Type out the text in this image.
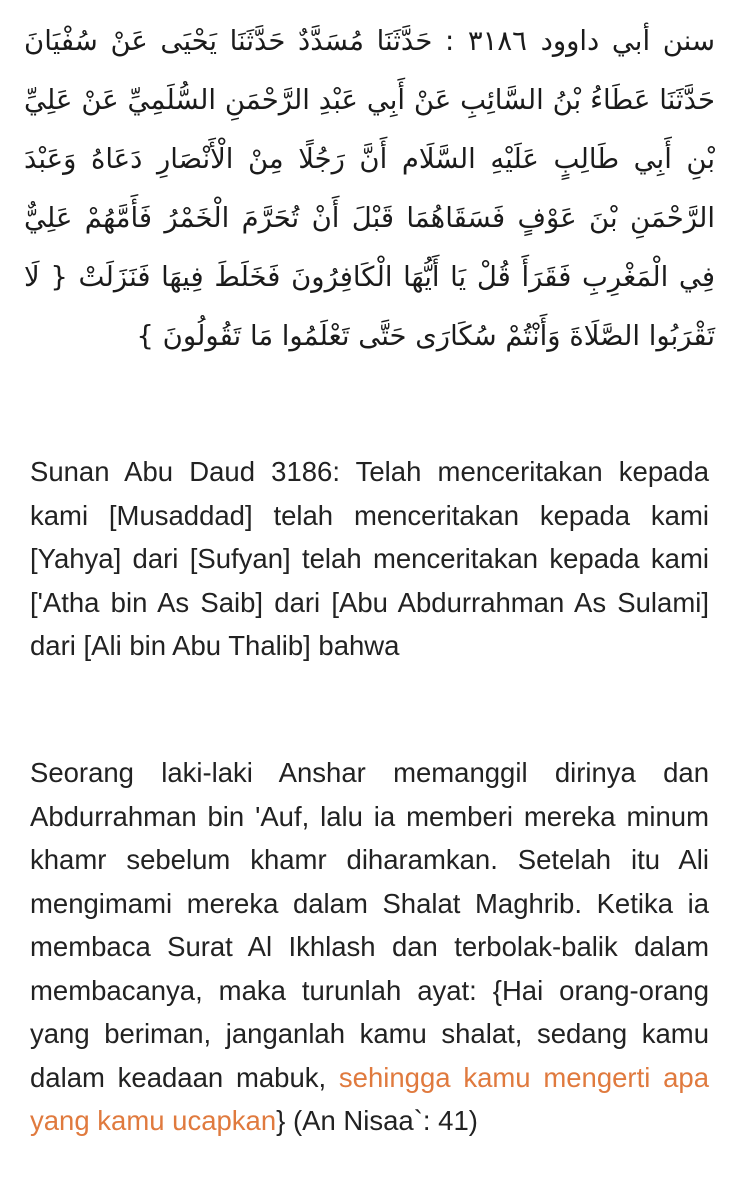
سنن أبي داوود ٣١٨٦ : حَدَّثَنَا مُسَدَّدٌ حَدَّثَنَا يَحْيَى عَنْ سُفْيَانَ حَدَّثَنَا عَطَاءُ بْنُ السَّائِبِ عَنْ أَبِي عَبْدِ الرَّحْمَنِ السُّلَمِيِّ عَنْ عَلِيِّ بْنِ أَبِي طَالِبٍ عَلَيْهِ السَّلَام أَنَّ رَجُلًا مِنْ الْأَنْصَارِ دَعَاهُ وَعَبْدَ الرَّحْمَنِ بْنَ عَوْفٍ فَسَقَاهُمَا قَبْلَ أَنْ تُحَرَّمَ الْخَمْرُ فَأَمَّهُمْ عَلِيٌّ فِي الْمَغْرِبِ فَقَرَأَ قُلْ يَا أَيُّهَا الْكَافِرُونَ فَخَلَطَ فِيهَا فَنَزَلَتْ { لَا تَقْرَبُوا الصَّلَاةَ وَأَنْتُمْ سُكَارَى حَتَّى تَعْلَمُوا مَا تَقُولُونَ }

Sunan Abu Daud 3186: Telah menceritakan kepada kami [Musaddad] telah menceritakan kepada kami [Yahya] dari [Sufyan] telah menceritakan kepada kami ['Atha bin As Saib] dari [Abu Abdurrahman As Sulami] dari [Ali bin Abu Thalib] bahwa

Seorang laki-laki Anshar memanggil dirinya dan Abdurrahman bin 'Auf, lalu ia memberi mereka minum khamr sebelum khamr diharamkan. Setelah itu Ali mengimami mereka dalam Shalat Maghrib. Ketika ia membaca Surat Al Ikhlash dan terbolak-balik dalam membacanya, maka turunlah ayat: {Hai orang-orang yang beriman, janganlah kamu shalat, sedang kamu dalam keadaan mabuk, sehingga kamu mengerti apa yang kamu ucapkan} (An Nisaa`: 41)
